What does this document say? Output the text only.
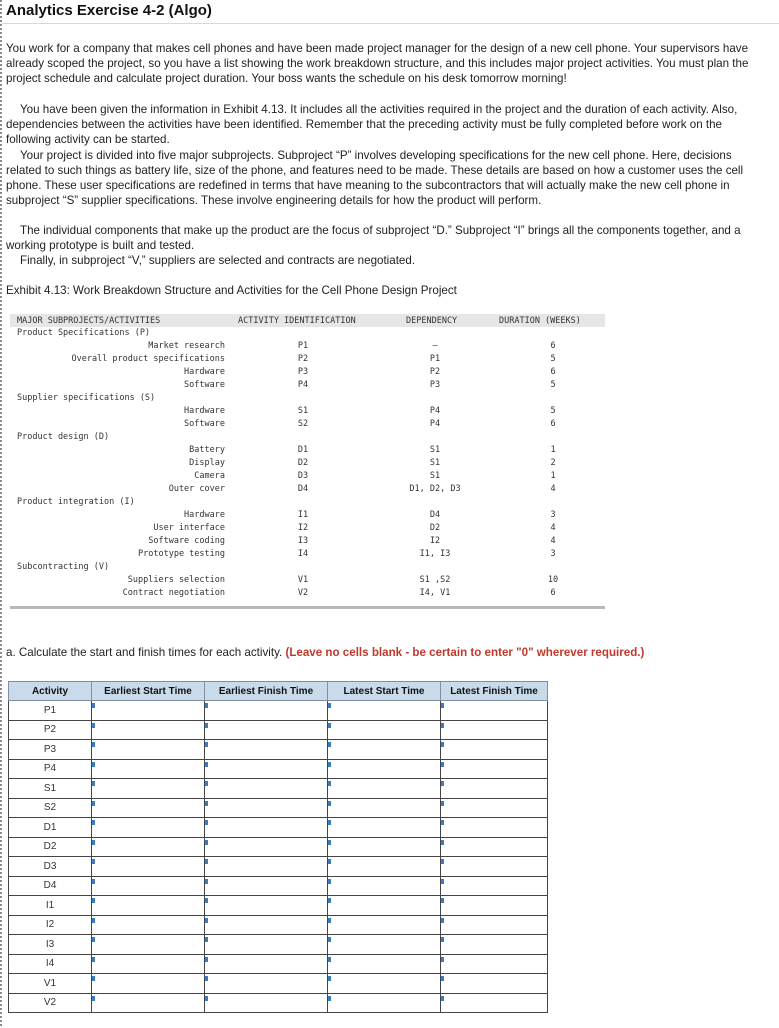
Analytics Exercise 4-2 (Algo)
You work for a company that makes cell phones and have been made project manager for the design of a new cell phone. Your supervisors have already scoped the project, so you have a list showing the work breakdown structure, and this includes major project activities. You must plan the project schedule and calculate project duration. Your boss wants the schedule on his desk tomorrow morning!
You have been given the information in Exhibit 4.13. It includes all the activities required in the project and the duration of each activity. Also, dependencies between the activities have been identified. Remember that the preceding activity must be fully completed before work on the following activity can be started.
Your project is divided into five major subprojects. Subproject “P” involves developing specifications for the new cell phone. Here, decisions related to such things as battery life, size of the phone, and features need to be made. These details are based on how a customer uses the cell phone. These user specifications are redefined in terms that have meaning to the subcontractors that will actually make the new cell phone in subproject “S” supplier specifications. These involve engineering details for how the product will perform.
The individual components that make up the product are the focus of subproject “D.” Subproject “I” brings all the components together, and a working prototype is built and tested.
Finally, in subproject “V,” suppliers are selected and contracts are negotiated.
Exhibit 4.13: Work Breakdown Structure and Activities for the Cell Phone Design Project
MAJOR SUBPROJECTS/ACTIVITIES	ACTIVITY IDENTIFICATION	DEPENDENCY	DURATION (WEEKS)
Product Specifications (P)
Market research	P1	–	6
Overall product specifications	P2	P1	5
Hardware	P3	P2	6
Software	P4	P3	5
Supplier specifications (S)
Hardware	S1	P4	5
Software	S2	P4	6
Product design (D)
Battery	D1	S1	1
Display	D2	S1	2
Camera	D3	S1	1
Outer cover	D4	D1, D2, D3	4
Product integration (I)
Hardware	I1	D4	3
User interface	I2	D2	4
Software coding	I3	I2	4
Prototype testing	I4	I1, I3	3
Subcontracting (V)
Suppliers selection	V1	S1 ,S2	10
Contract negotiation	V2	I4, V1	6
a. Calculate the start and finish times for each activity. (Leave no cells blank - be certain to enter "0" wherever required.)
Activity	Earliest Start Time	Earliest Finish Time	Latest Start Time	Latest Finish Time
P1				
P2				
P3				
P4				
S1				
S2				
D1				
D2				
D3				
D4				
I1				
I2				
I3				
I4				
V1				
V2				
